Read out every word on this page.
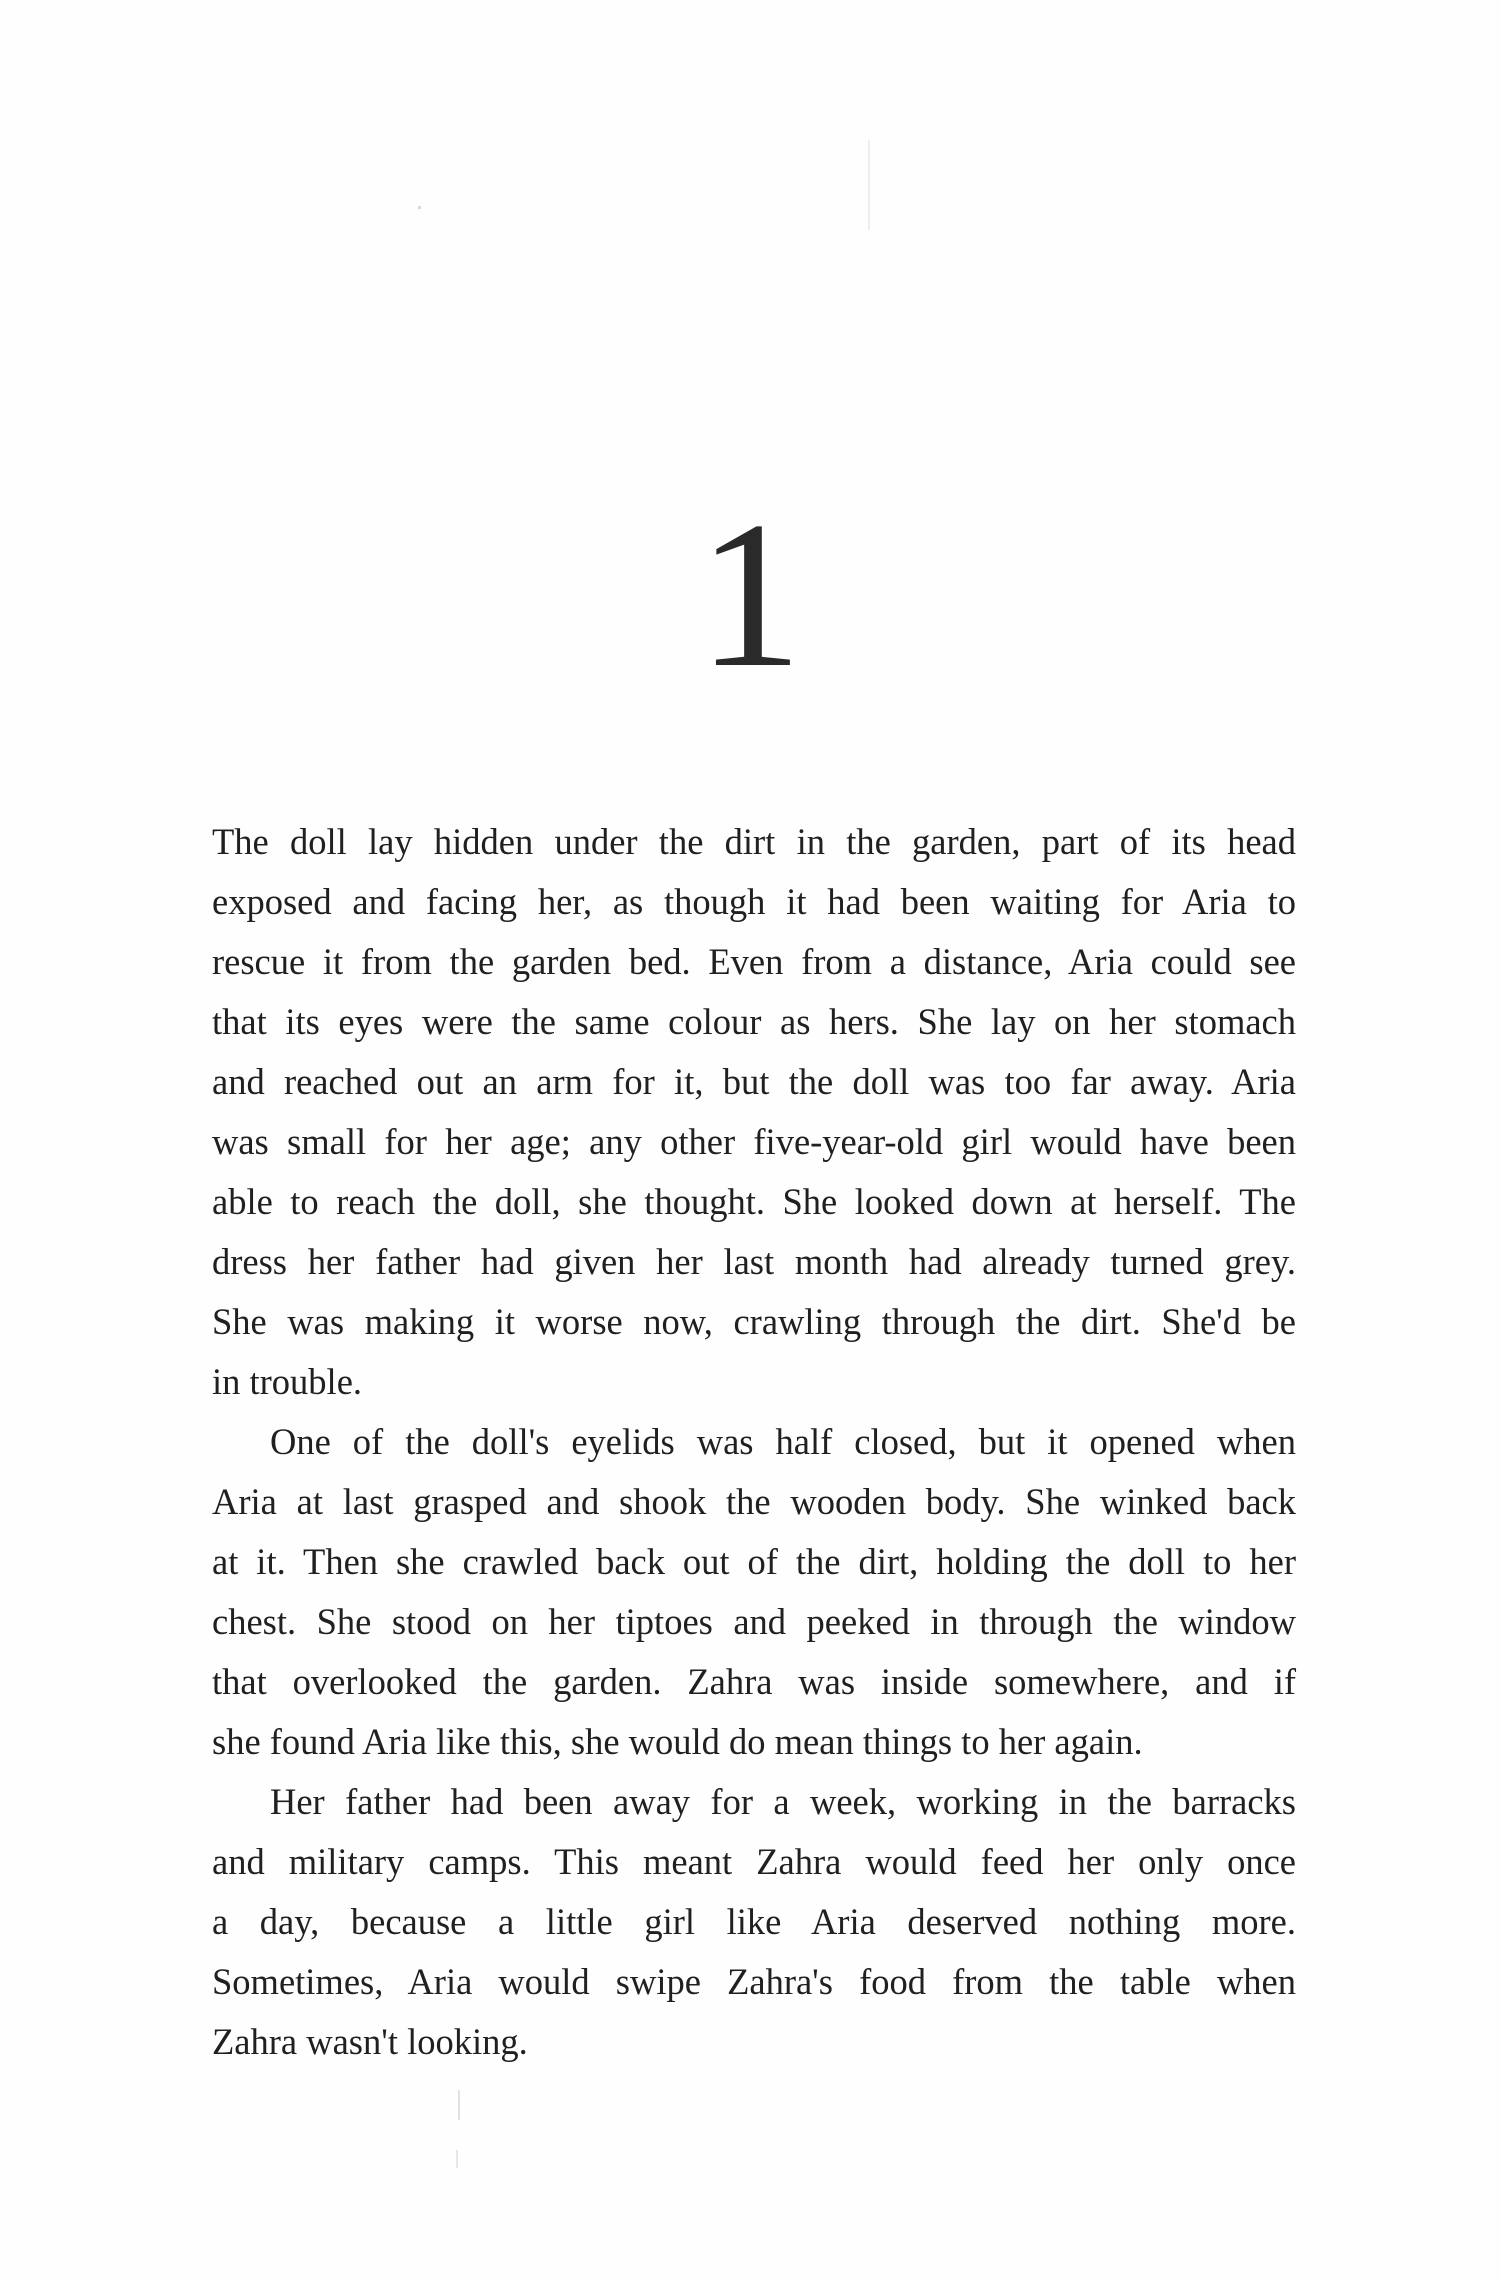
1

The doll lay hidden under the dirt in the garden, part of its head
exposed and facing her, as though it had been waiting for Aria to
rescue it from the garden bed. Even from a distance, Aria could see
that its eyes were the same colour as hers. She lay on her stomach
and reached out an arm for it, but the doll was too far away. Aria
was small for her age; any other five-year-old girl would have been
able to reach the doll, she thought. She looked down at herself. The
dress her father had given her last month had already turned grey.
She was making it worse now, crawling through the dirt. She'd be
in trouble.

One of the doll's eyelids was half closed, but it opened when
Aria at last grasped and shook the wooden body. She winked back
at it. Then she crawled back out of the dirt, holding the doll to her
chest. She stood on her tiptoes and peeked in through the window
that overlooked the garden. Zahra was inside somewhere, and if
she found Aria like this, she would do mean things to her again.

Her father had been away for a week, working in the barracks
and military camps. This meant Zahra would feed her only once
a day, because a little girl like Aria deserved nothing more.
Sometimes, Aria would swipe Zahra's food from the table when
Zahra wasn't looking.
